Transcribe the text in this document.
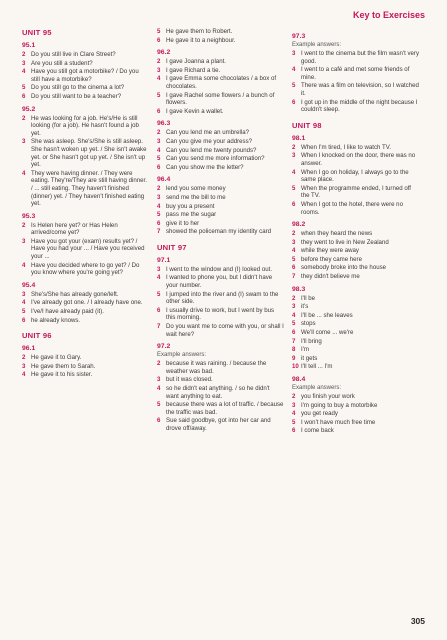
Key to Exercises
UNIT 95
95.1
2 Do you still live in Clare Street?
3 Are you still a student?
4 Have you still got a motorbike? / Do you still have a motorbike?
5 Do you still go to the cinema a lot?
6 Do you still want to be a teacher?
95.2
2 He was looking for a job. He's/He is still looking (for a job). He hasn't found a job yet.
3 She was asleep. She's/She is still asleep. She hasn't woken up yet. / She isn't awake yet. or She hasn't got up yet. / She isn't up yet.
4 They were having dinner. / They were eating. They're/They are still having dinner. / ... still eating. They haven't finished (dinner) yet. / They haven't finished eating yet.
95.3
2 Is Helen here yet? or Has Helen arrived/come yet?
3 Have you got your (exam) results yet? / Have you had your ... / Have you received your ...
4 Have you decided where to go yet? / Do you know where you're going yet?
95.4
3 She's/She has already gone/left.
4 I've already got one. / I already have one.
5 I've/I have already paid (it).
6 he already knows.
UNIT 96
96.1
2 He gave it to Gary.
3 He gave them to Sarah.
4 He gave it to his sister.
5 He gave them to Robert.
6 He gave it to a neighbour.
96.2
2 I gave Joanna a plant.
3 I gave Richard a tie.
4 I gave Emma some chocolates / a box of chocolates.
5 I gave Rachel some flowers / a bunch of flowers.
6 I gave Kevin a wallet.
96.3
2 Can you lend me an umbrella?
3 Can you give me your address?
4 Can you lend me twenty pounds?
5 Can you send me more information?
6 Can you show me the letter?
96.4
2 lend you some money
3 send me the bill to me
4 buy you a present
5 pass me the sugar
6 give it to her
7 showed the policeman my identity card
UNIT 97
97.1
3 I went to the window and (I) looked out.
4 I wanted to phone you, but I didn't have your number.
5 I jumped into the river and (I) swam to the other side.
6 I usually drive to work, but I went by bus this morning.
7 Do you want me to come with you, or shall I wait here?
97.2
Example answers:
2 because it was raining. / because the weather was bad.
3 but it was closed.
4 so he didn't eat anything. / so he didn't want anything to eat.
5 because there was a lot of traffic. / because the traffic was bad.
6 Sue said goodbye, got into her car and drove off/away.
97.3
Example answers:
3 I went to the cinema but the film wasn't very good.
4 I went to a café and met some friends of mine.
5 There was a film on television, so I watched it.
6 I got up in the middle of the night because I couldn't sleep.
UNIT 98
98.1
2 When I'm tired, I like to watch TV.
3 When I knocked on the door, there was no answer.
4 When I go on holiday, I always go to the same place.
5 When the programme ended, I turned off the TV.
6 When I got to the hotel, there were no rooms.
98.2
2 when they heard the news
3 they went to live in New Zealand
4 while they were away
5 before they came here
6 somebody broke into the house
7 they didn't believe me
98.3
2 I'll be
3 it's
4 I'll be ... she leaves
5 stops
6 We'll come ... we're
7 I'll bring
8 I'm
9 it gets
10 I'll tell ... I'm
98.4
Example answers:
2 you finish your work
3 I'm going to buy a motorbike
4 you get ready
5 I won't have much free time
6 I come back
305
